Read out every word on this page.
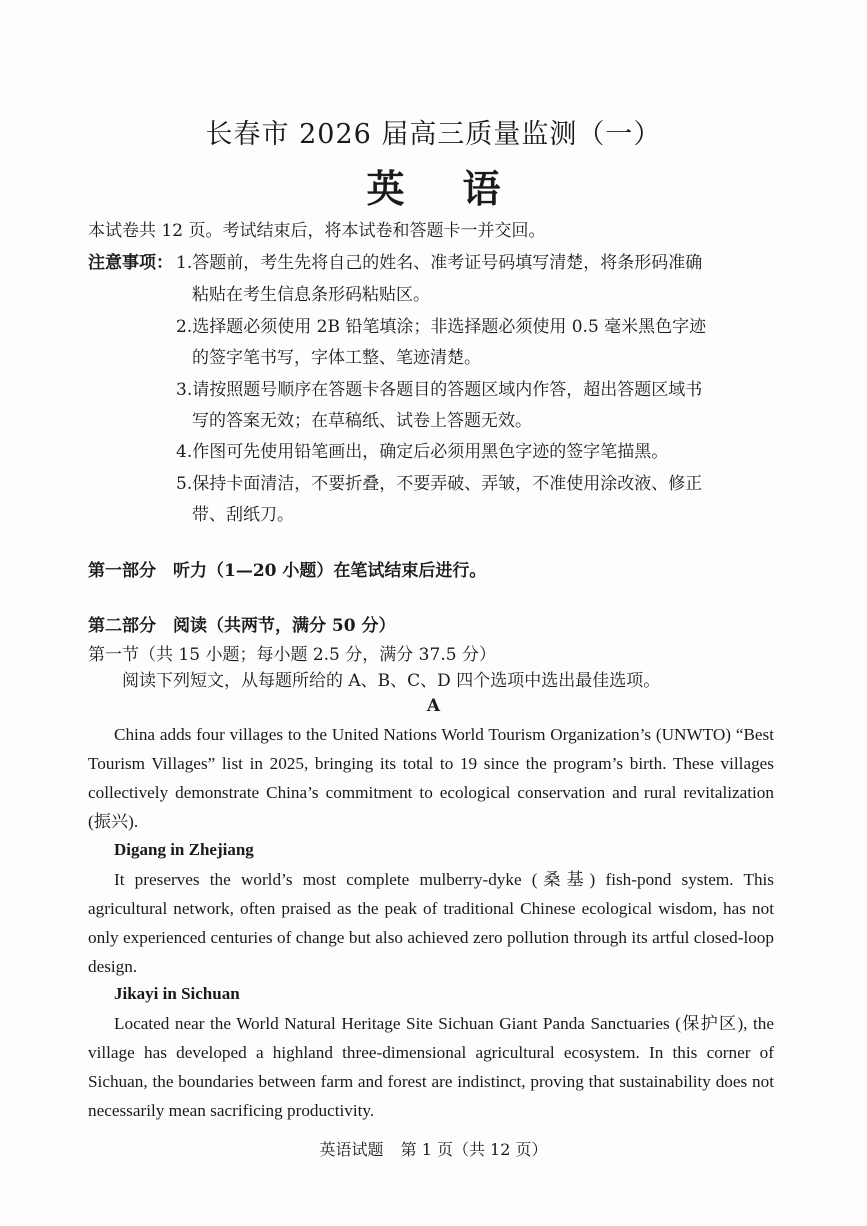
长春市 2026 届高三质量监测（一）
英语
本试卷共 12 页。考试结束后，将本试卷和答题卡一并交回。
注意事项： 1.答题前，考生先将自己的姓名、准考证号码填写清楚，将条形码准确
粘贴在考生信息条形码粘贴区。
2.选择题必须使用 2B 铅笔填涂；非选择题必须使用 0.5 毫米黑色字迹
的签字笔书写，字体工整、笔迹清楚。
3.请按照题号顺序在答题卡各题目的答题区域内作答，超出答题区域书
写的答案无效；在草稿纸、试卷上答题无效。
4.作图可先使用铅笔画出，确定后必须用黑色字迹的签字笔描黑。
5.保持卡面清洁，不要折叠，不要弄破、弄皱，不准使用涂改液、修正
带、刮纸刀。
第一部分　听力（1—20 小题）在笔试结束后进行。
第二部分　阅读（共两节，满分 50 分）
第一节（共 15 小题；每小题 2.5 分，满分 37.5 分）
阅读下列短文，从每题所给的 A、B、C、D 四个选项中选出最佳选项。
A
China adds four villages to the United Nations World Tourism Organization’s (UNWTO) “Best Tourism Villages” list in 2025, bringing its total to 19 since the program’s birth. These villages collectively demonstrate China’s commitment to ecological conservation and rural revitalization (振兴).
Digang in Zhejiang
It preserves the world’s most complete mulberry-dyke (桑基) fish-pond system. This agricultural network, often praised as the peak of traditional Chinese ecological wisdom, has not only experienced centuries of change but also achieved zero pollution through its artful closed-loop design.
Jikayi in Sichuan
Located near the World Natural Heritage Site Sichuan Giant Panda Sanctuaries (保护区), the village has developed a highland three-dimensional agricultural ecosystem. In this corner of Sichuan, the boundaries between farm and forest are indistinct, proving that sustainability does not necessarily mean sacrificing productivity.
英语试题 第 1 页（共 12 页）
